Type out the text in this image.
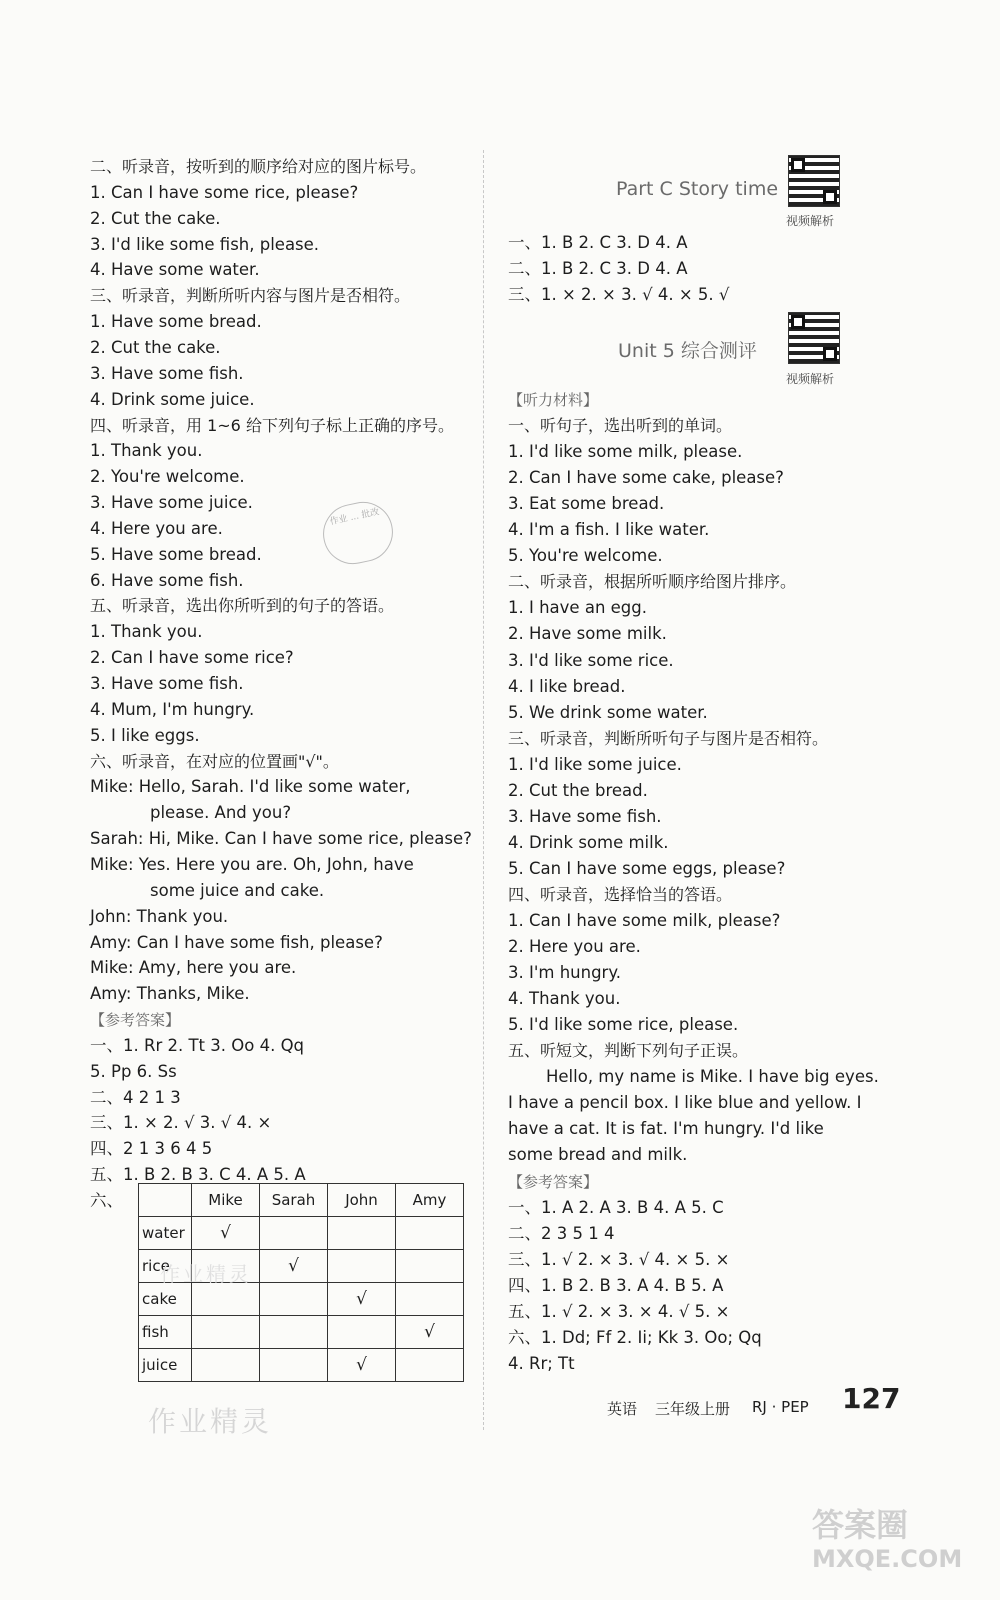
二、听录音，按听到的顺序给对应的图片标号。
1. Can I have some rice, please?
2. Cut the cake.
3. I'd like some fish, please.
4. Have some water.
三、听录音，判断所听内容与图片是否相符。
1. Have some bread.
2. Cut the cake.
3. Have some fish.
4. Drink some juice.
四、听录音，用 1~6 给下列句子标上正确的序号。
1. Thank you.
2. You're welcome.
3. Have some juice.
4. Here you are.
5. Have some bread.
6. Have some fish.
五、听录音，选出你所听到的句子的答语。
1. Thank you.
2. Can I have some rice?
3. Have some fish.
4. Mum, I'm hungry.
5. I like eggs.
六、听录音，在对应的位置画"√"。
Mike: Hello, Sarah. I'd like some water,
please. And you?
Sarah: Hi, Mike. Can I have some rice, please?
Mike: Yes. Here you are. Oh, John, have
some juice and cake.
John: Thank you.
Amy: Can I have some fish, please?
Mike: Amy, here you are.
Amy: Thanks, Mike.
【参考答案】
一、1. Rr 2. Tt 3. Oo 4. Qq
5. Pp 6. Ss
二、4 2 1 3
三、1. × 2. √ 3. √ 4. ×
四、2 1 3 6 4 5
五、1. B 2. B 3. C 4. A 5. A
六、
作业 ... 批改
	Mike	Sarah	John	Amy
water	√			
rice		√		
cake			√	
fish				√
juice			√	
作业精灵
一、1. B 2. C 3. D 4. A
二、1. B 2. C 3. D 4. A
三、1. × 2. × 3. √ 4. × 5. √
【听力材料】
一、听句子，选出听到的单词。
1. I'd like some milk, please.
2. Can I have some cake, please?
3. Eat some bread.
4. I'm a fish. I like water.
5. You're welcome.
二、听录音，根据所听顺序给图片排序。
1. I have an egg.
2. Have some milk.
3. I'd like some rice.
4. I like bread.
5. We drink some water.
三、听录音，判断所听句子与图片是否相符。
1. I'd like some juice.
2. Cut the bread.
3. Have some fish.
4. Drink some milk.
5. Can I have some eggs, please?
四、听录音，选择恰当的答语。
1. Can I have some milk, please?
2. Here you are.
3. I'm hungry.
4. Thank you.
5. I'd like some rice, please.
五、听短文，判断下列句子正误。
Hello, my name is Mike. I have big eyes.
I have a pencil box. I like blue and yellow. I
have a cat. It is fat. I'm hungry. I'd like
some bread and milk.
【参考答案】
一、1. A 2. A 3. B 4. A 5. C
二、2 3 5 1 4
三、1. √ 2. × 3. √ 4. × 5. ×
四、1. B 2. B 3. A 4. B 5. A
五、1. √ 2. × 3. × 4. √ 5. ×
六、1. Dd; Ff 2. Ii; Kk 3. Oo; Qq
4. Rr; Tt
Part C Story time
视频解析
Unit 5 综合测评
视频解析
英语 三年级上册 RJ · PEP 127
作业精灵
答案圈
MXQE.COM
